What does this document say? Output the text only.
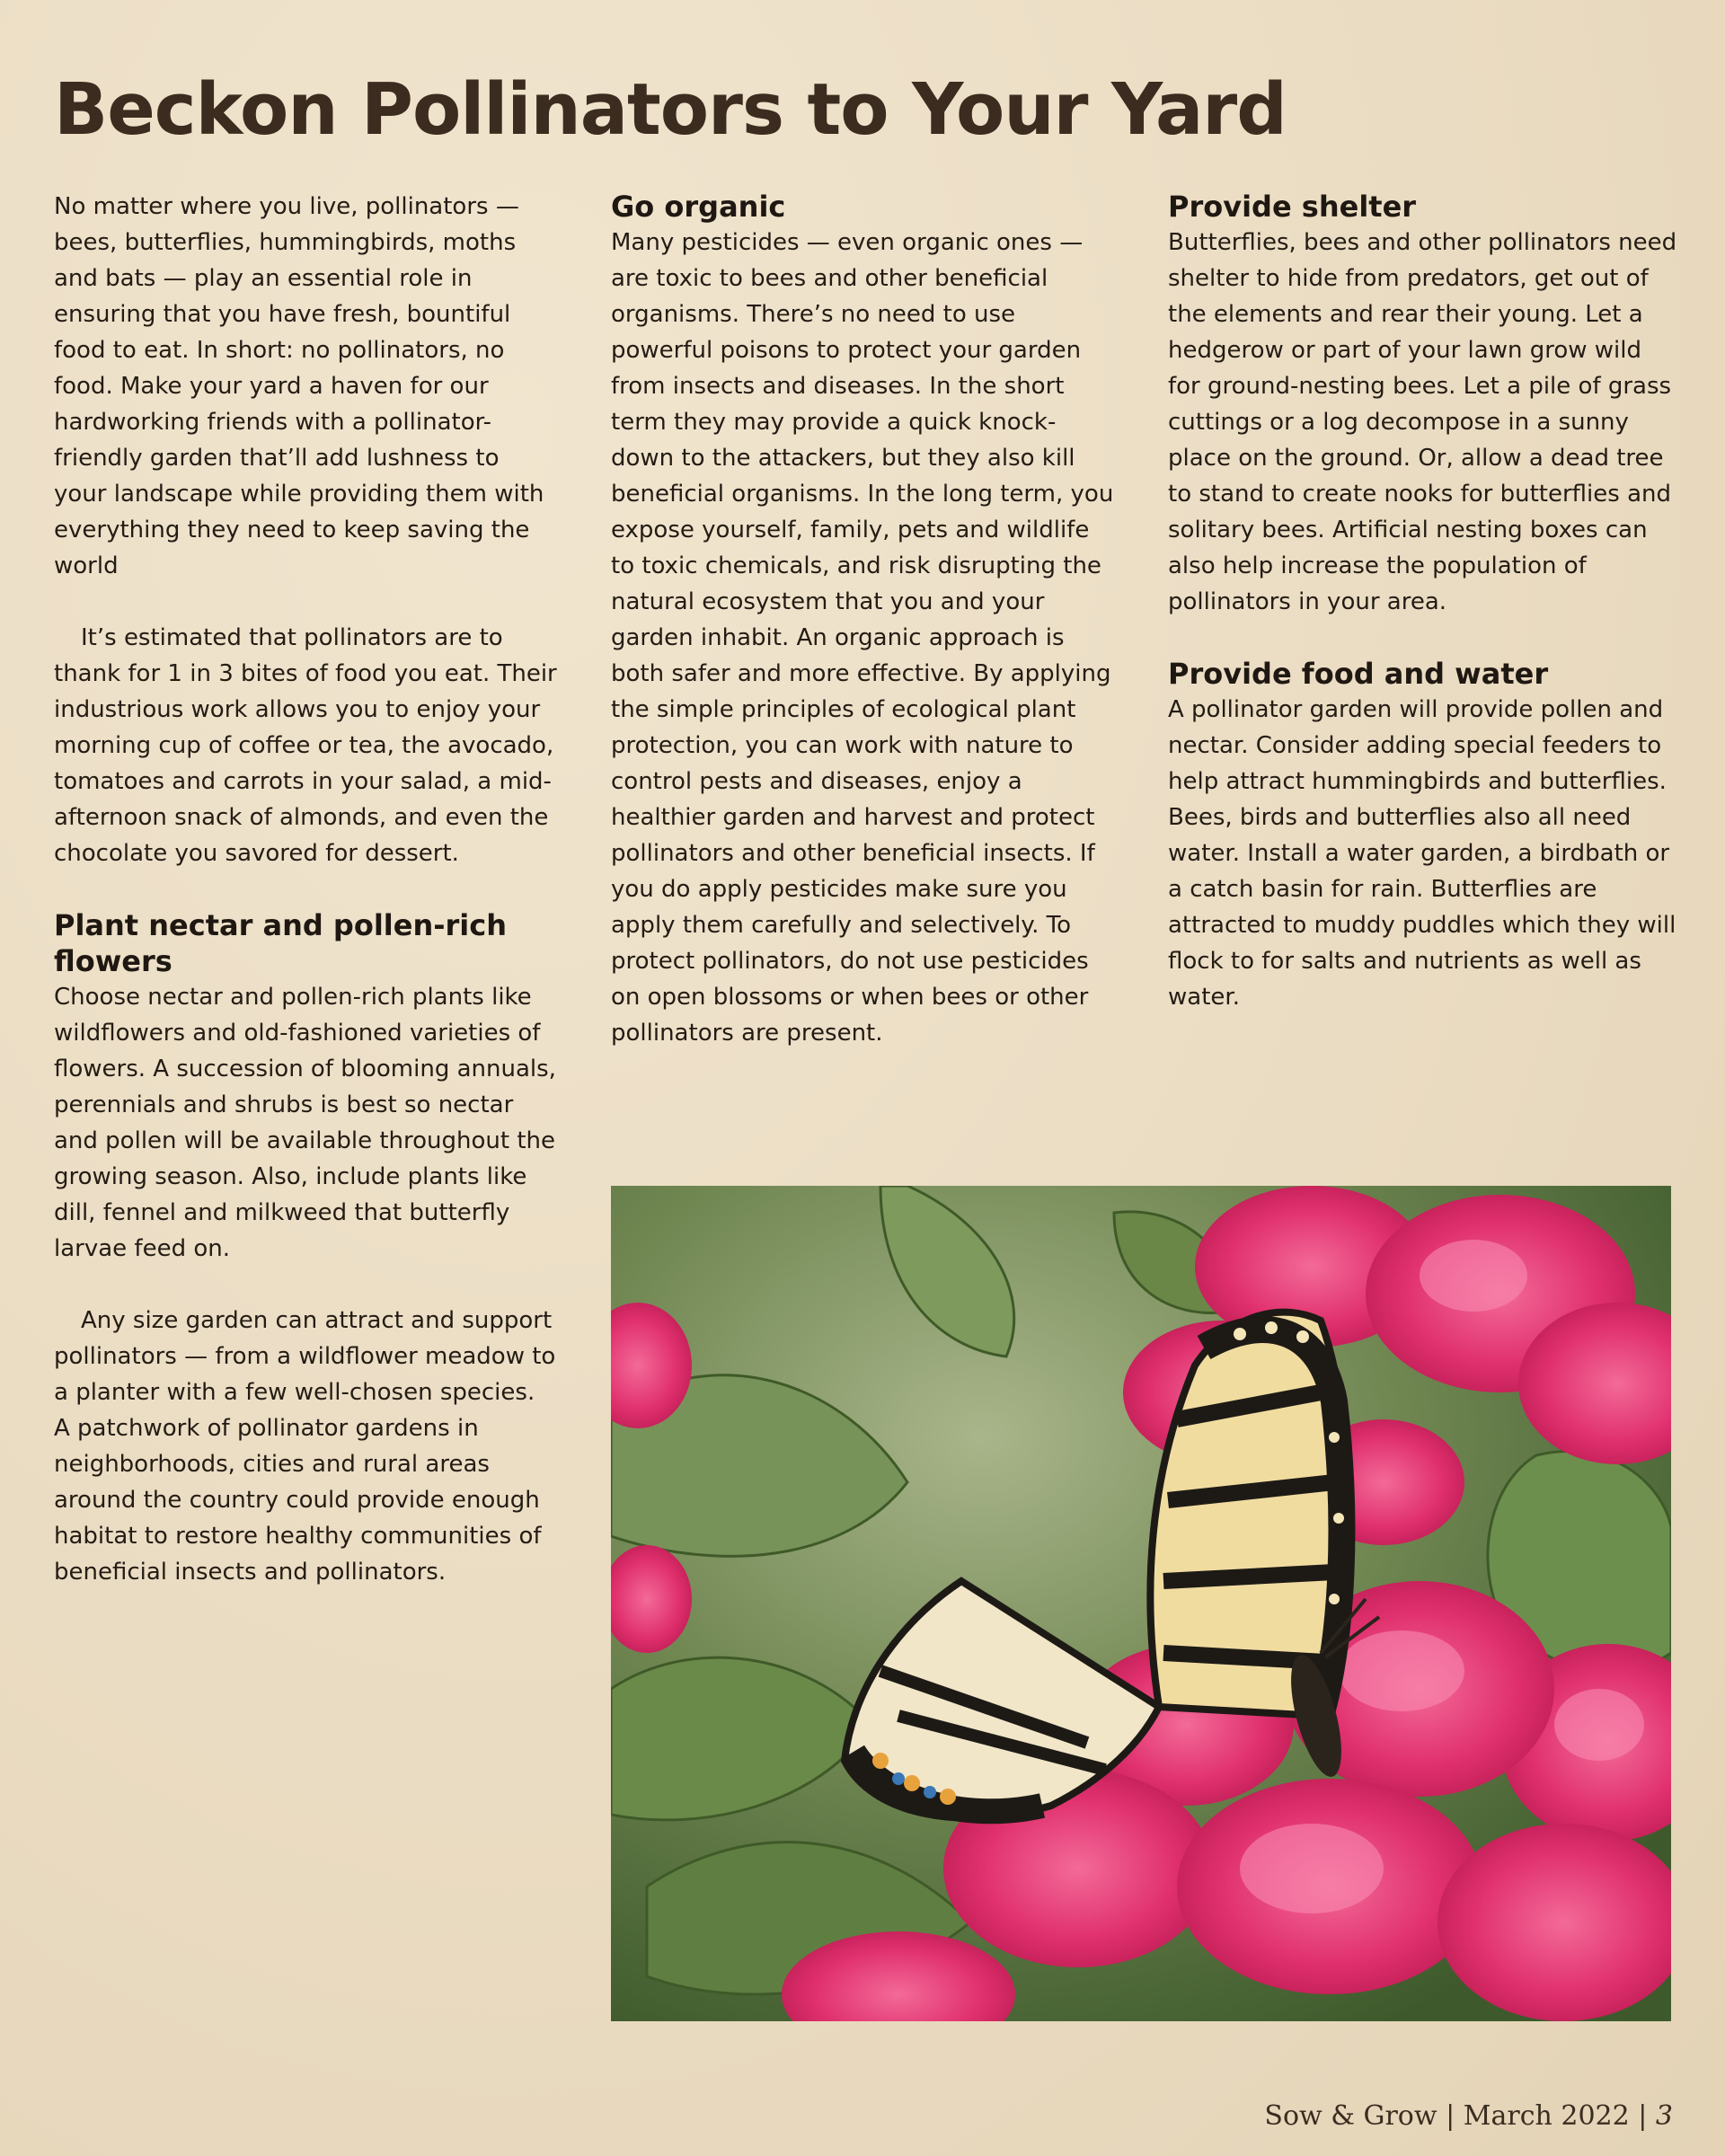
Beckon Pollinators to Your Yard

No matter where you live, pollinators — bees, butterflies, hummingbirds, moths and bats — play an essential role in ensuring that you have fresh, bountiful food to eat. In short: no pollinators, no food. Make your yard a haven for our hardworking friends with a pollinator-friendly garden that’ll add lushness to your landscape while providing them with everything they need to keep saving the world

It’s estimated that pollinators are to thank for 1 in 3 bites of food you eat. Their industrious work allows you to enjoy your morning cup of coffee or tea, the avocado, tomatoes and carrots in your salad, a mid-afternoon snack of almonds, and even the chocolate you savored for dessert.

Plant nectar and pollen-rich flowers

Choose nectar and pollen-rich plants like wildflowers and old-fashioned varieties of flowers. A succession of blooming annuals, perennials and shrubs is best so nectar and pollen will be available throughout the growing season. Also, include plants like dill, fennel and milkweed that butterfly larvae feed on.

Any size garden can attract and support pollinators — from a wildflower meadow to a planter with a few well-chosen species. A patchwork of pollinator gardens in neighborhoods, cities and rural areas around the country could provide enough habitat to restore healthy communities of beneficial insects and pollinators.

Go organic

Many pesticides — even organic ones — are toxic to bees and other beneficial organisms. There’s no need to use powerful poisons to protect your garden from insects and diseases. In the short term they may provide a quick knock-down to the attackers, but they also kill beneficial organisms. In the long term, you expose yourself, family, pets and wildlife to toxic chemicals, and risk disrupting the natural ecosystem that you and your garden inhabit. An organic approach is both safer and more effective. By applying the simple principles of ecological plant protection, you can work with nature to control pests and diseases, enjoy a healthier garden and harvest and protect pollinators and other beneficial insects. If you do apply pesticides make sure you apply them carefully and selectively. To protect pollinators, do not use pesticides on open blossoms or when bees or other pollinators are present.

Provide shelter

Butterflies, bees and other pollinators need shelter to hide from predators, get out of the elements and rear their young. Let a hedgerow or part of your lawn grow wild for ground-nesting bees. Let a pile of grass cuttings or a log decompose in a sunny place on the ground. Or, allow a dead tree to stand to create nooks for butterflies and solitary bees. Artificial nesting boxes can also help increase the population of pollinators in your area.

Provide food and water

A pollinator garden will provide pollen and nectar. Consider adding special feeders to help attract hummingbirds and butterflies. Bees, birds and butterflies also all need water. Install a water garden, a birdbath or a catch basin for rain. Butterflies are attracted to muddy puddles which they will flock to for salts and nutrients as well as water.

Sow & Grow | March 2022 | 3
